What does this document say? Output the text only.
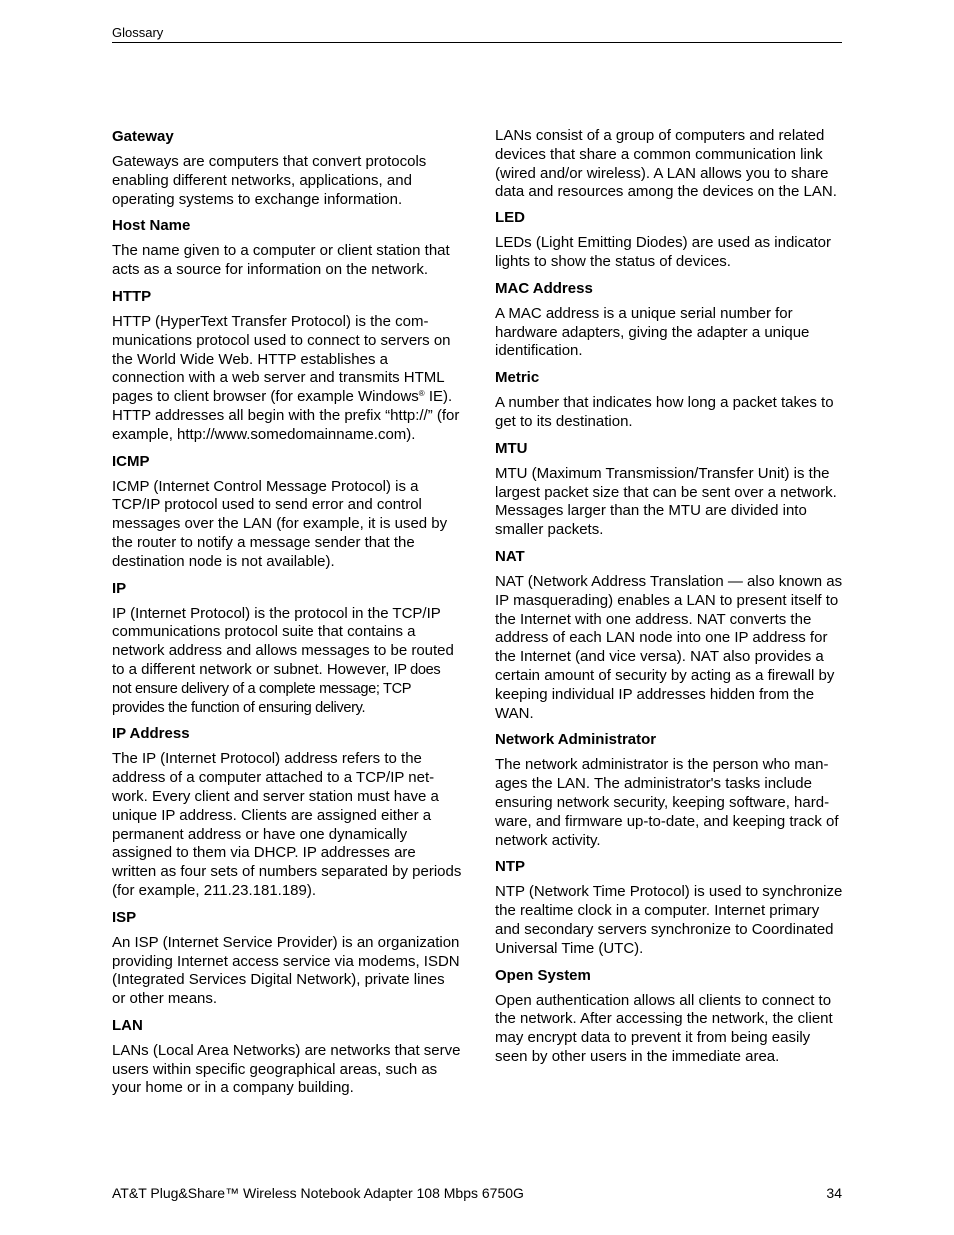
Glossary
Gateway
Gateways are computers that convert protocols enabling different networks, applications, and operating systems to exchange information.
Host Name
The name given to a computer or client station that acts as a source for information on the network.
HTTP
HTTP (HyperText Transfer Protocol) is the communications protocol used to connect to servers on the World Wide Web. HTTP establishes a connection with a web server and transmits HTML pages to client browser (for example Windows® IE). HTTP addresses all begin with the prefix “http://” (for example, http://www.somedomainname.com).
ICMP
ICMP (Internet Control Message Protocol) is a TCP/IP protocol used to send error and control messages over the LAN (for example, it is used by the router to notify a message sender that the destination node is not available).
IP
IP (Internet Protocol) is the protocol in the TCP/IP communications protocol suite that contains a network address and allows messages to be routed to a different network or subnet. However, IP does not ensure delivery of a complete message; TCP provides the function of ensuring delivery.
IP Address
The IP (Internet Protocol) address refers to the address of a computer attached to a TCP/IP network. Every client and server station must have a unique IP address. Clients are assigned either a permanent address or have one dynamically assigned to them via DHCP. IP addresses are written as four sets of numbers separated by periods (for example, 211.23.181.189).
ISP
An ISP (Internet Service Provider) is an organization providing Internet access service via modems, ISDN (Integrated Services Digital Network), private lines or other means.
LAN
LANs (Local Area Networks) are networks that serve users within specific geographical areas, such as your home or in a company building.
LANs consist of a group of computers and related devices that share a common communication link (wired and/or wireless). A LAN allows you to share data and resources among the devices on the LAN.
LED
LEDs (Light Emitting Diodes) are used as indicator lights to show the status of devices.
MAC Address
A MAC address is a unique serial number for hardware adapters, giving the adapter a unique identification.
Metric
A number that indicates how long a packet takes to get to its destination.
MTU
MTU (Maximum Transmission/Transfer Unit) is the largest packet size that can be sent over a network. Messages larger than the MTU are divided into smaller packets.
NAT
NAT (Network Address Translation — also known as IP masquerading) enables a LAN to present itself to the Internet with one address. NAT converts the address of each LAN node into one IP address for the Internet (and vice versa). NAT also provides a certain amount of security by acting as a firewall by keeping individual IP addresses hidden from the WAN.
Network Administrator
The network administrator is the person who manages the LAN. The administrator's tasks include ensuring network security, keeping software, hardware, and firmware up-to-date, and keeping track of network activity.
NTP
NTP (Network Time Protocol) is used to synchronize the realtime clock in a computer. Internet primary and secondary servers synchronize to Coordinated Universal Time (UTC).
Open System
Open authentication allows all clients to connect to the network. After accessing the network, the client may encrypt data to prevent it from being easily seen by other users in the immediate area.
AT&T Plug&Share™ Wireless Notebook Adapter 108 Mbps 6750G	34
